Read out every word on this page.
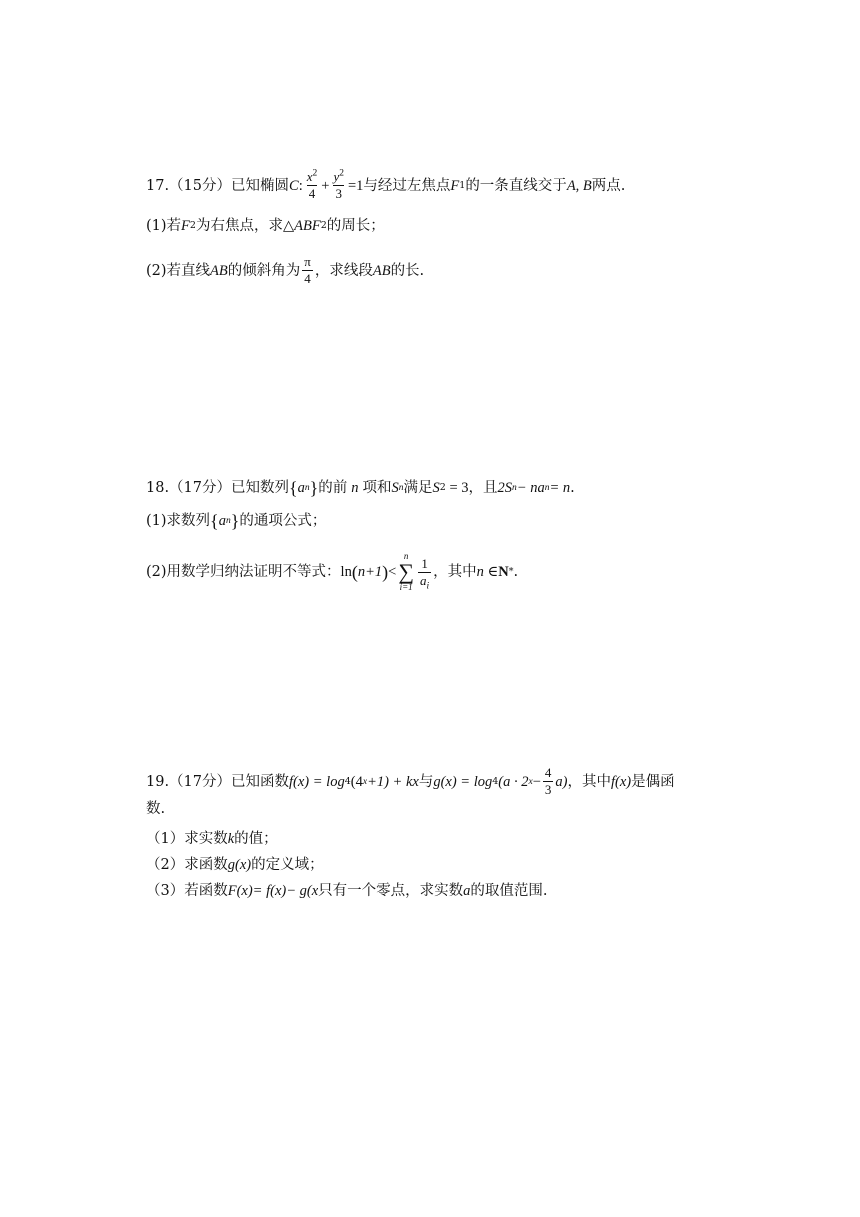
17.（15分）已知椭圆 C : $\frac{x^2}{4} + \frac{y^2}{3} = 1$ 与经过左焦点 F 1 的一条直线交于 A, B 两点.
(1)若 F 2 为右焦点，求 △ABF 2 的周长；
(2)若直线 AB 的倾斜角为 $\frac{\pi}{4}$ ，求线段 AB 的长.
18.（17分）已知数列 { a n } 的前 n 项和 S n 满足 S 2 = 3 ，且 2S n − na n = n .
(1)求数列 { a n } 的通项公式；
(2)用数学归纳法证明不等式： ln ( n+1 ) <
n
∑
$i=1 \frac{1}{a_i}$ ，其中 n ∈ N * .
19.（17分）已知函数 f(x) = log 4 (4 x +1) + kx 与 g(x) = log 4 (a · 2 $x - \frac{4}{3} a$) ，其中 f(x) 是偶函
数.
（1）求实数 k 的值；
（2）求函数 g(x) 的定义域；
（3）若函数 F(x)= f(x)− g(x 只有一个零点，求实数 a 的取值范围.
